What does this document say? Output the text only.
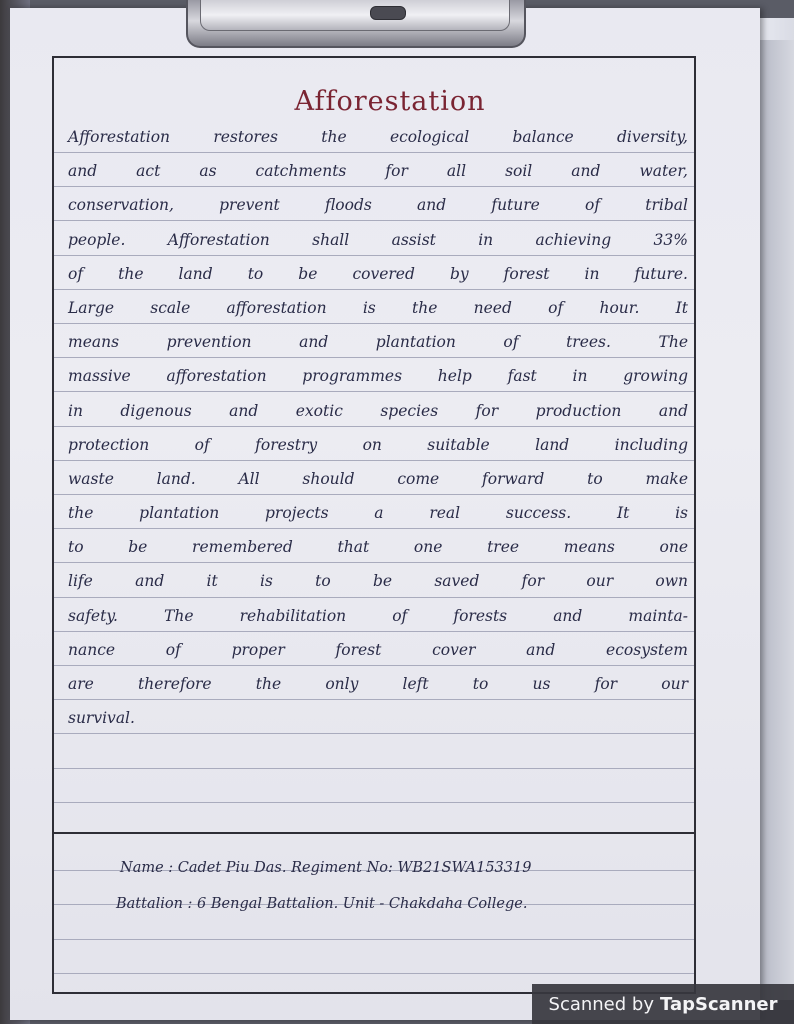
Afforestation
Afforestation restores the ecological balance diversity,
and act as catchments for all soil and water,
conservation, prevent floods and future of tribal
people. Afforestation shall assist in achieving 33%
of the land to be covered by forest in future.
Large scale afforestation is the need of hour. It
means prevention and plantation of trees. The
massive afforestation programmes help fast in growing
in digenous and exotic species for production and
protection of forestry on suitable land including
waste land. All should come forward to make
the plantation projects a real success. It is
to be remembered that one tree means one
life and it is to be saved for our own
safety. The rehabilitation of forests and mainta-
nance of proper forest cover and ecosystem
are therefore the only left to us for our
survival.
Name : Cadet Piu Das. Regiment No: WB21SWA153319
Battalion : 6 Bengal Battalion. Unit - Chakdaha College.
Scanned by TapScanner
